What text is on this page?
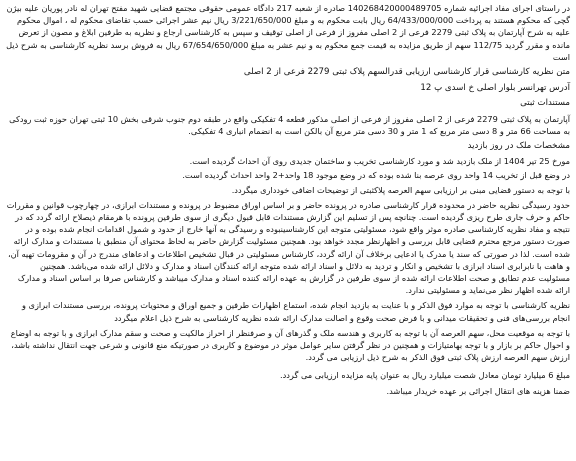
در راستای اجرای مفاد اجرائیه شماره 140268420000489705 صادره از شعبه 217 دادگاه عمومی حقوقی مجتمع قضایی شهید مفتح تهران له نادر پوریان علیه بیژن گچی که محکوم هستند به پرداخت 64/433/000/000 ریال بابت محکوم به و مبلغ 3/221/650/000 ریال نیم عشر اجرائی حسب تقاضای محکوم له ، اموال محکوم علیه به شرح آپارتمان به پلاک ثبتی 2279 فرعی از 2 اصلی مفروز از فرعی از اصلی توقیف و سپس به کارشناسی ارجاع و نظریه به طرفین ابلاغ و مصون از تعرض مانده و مقرر گردید 112/75 سهم از طریق مزایده به قیمت جمع محکوم به و نیم عشر به مبلغ 67/654/650/000 ریال به فروش برسد نظریه کارشناسی به شرح ذیل است

متن نظریه کارشناسی قرار کارشناسی ارزیابی قدرالسهم پلاک ثبتی 2279 فرعی از 2 اصلی

آدرس تهرانسر بلوار اصلی خ اسدی پ 12

مستندات ثبتی

آپارتمان به پلاک ثبتی 2279 فرعی از 2 اصلی مفروز از فرعی از اصلی مذکور قطعه 4 تفکیکی واقع در طبقه دوم جنوب شرقی بخش 10 ثبتی تهران حوزه ثبت رودکی به مساحت 66 متر و 8 دسی متر مربع که 1 متر و 30 دسی متر مربع آن بالکن است به انضمام انباری 4 تفکیکی.

مشخصات ملک در روز بازدید

مورخ 25 تیر 1404 از ملک بازدید شد و مورد کارشناسی تخریب و ساختمان جدیدی روی آن احداث گردیده است.

در وضع قبل از تخریب 14 واحد روی عرصه بنا شده بوده که در وضع موجود 18 واحد+2 واحد احداث گردیده است.

با توجه به دستور قضایی مبنی بر ارزیابی سهم العرصه پلاکثبتی از توضیحات اضافی خودداری میگردد.

حدود رسیدگی نظریه حاضر در محدوده قرار کارشناسی صادره در پرونده حاضر و بر اساس اوراق مضبوط در پرونده و مستندات ابرازی، در چهارچوب قوانین و مقررات حاکم و حرف جاری طرح ریزی گردیده است. چنانچه پس از تسلیم این گزارش مستندات قابل قبول دیگری از سوی طرفین پرونده با هرمقام ذیصلاح ارائه گردد که در نتیجه و مفاد نظریه کارشناسی صادره موثر واقع شود، مسئولیتی متوجه این کارشناسینبوده و رسیدگی به آنها خارج از حدود و شمول اقدامات انجام شده بوده و در صورت دستور مرجع محترم قضایی قابل بررسی و اظهارنظر مجدد خواهد بود. همچنین مسئولیت گزارش حاضر به لحاظ محتوای آن منطبق با مستندات و مدارک ارائه شده است. لذا در صورتی که سند یا مدرک یا ادعایی برخلاف آن ارائه گردد، کارشناس مسئولیتی در قبال تشخیص اطلاعات و ادعاهای مندرج در آن و مقرومات تهیه آن، و هاهت با نابرابری اسناد ابرازی با تشخیص و انکار و تردید به دلائل و اسناد ارائه شده متوجه ارائه کنندگان اسناد و مدارک و دلائل ارائه شده می‌باشد. همچنین مسئولیت عدم تطابق و صحت اطلاعات ارائه شده از سوی طرفین در گزارش به عهده ارائه کننده اسناد و مدارک میباشد و کارشناس صرفا بر اساس اسناد و مدارک ارائه شده اظهار نظر می‌نماید و مسئولیتی ندارد.

نظریه کارشناسی با توجه به موارد فوق الذکر و با عنایت به بازدید انجام شده، استماع اظهارات طرفین و جمیع اوراق و محتویات پرونده، بررسی مستندات ابرازی و انجام بررسی‌های فنی و تحقیقات میدانی و با فرض صحت وقوع و اصالت مدارک ارائه شده نظریه کارشناسی به شرح ذیل اعلام میگردد

با توجه به موقعیت محل، سهم العرصه آن با توجه به کاربری و هندسه ملک و گذرهای آن و صرفنظر از احراز مالکیت و صحت و سقم مدارک ابرازی و با توجه به اوضاع و احوال حاکم بر بازار و با توجه بهامتیازات و همچنین در نظر گرفتن سایر عوامل موثر در موضوع و کاربری در صورتیکه منع قانونی و شرعی جهت انتقال نداشته باشد، ارزش سهم العرصه ارزش پلاک ثبتی فوق الذکر به شرح ذیل ارزیابی می گردد.

مبلغ 6 میلیارد تومان معادل شصت میلیارد ریال به عنوان پایه مزایده ارزیابی می گردد.

ضمنا هزینه های انتقال اجرائی بر عهده خریدار میباشد.
